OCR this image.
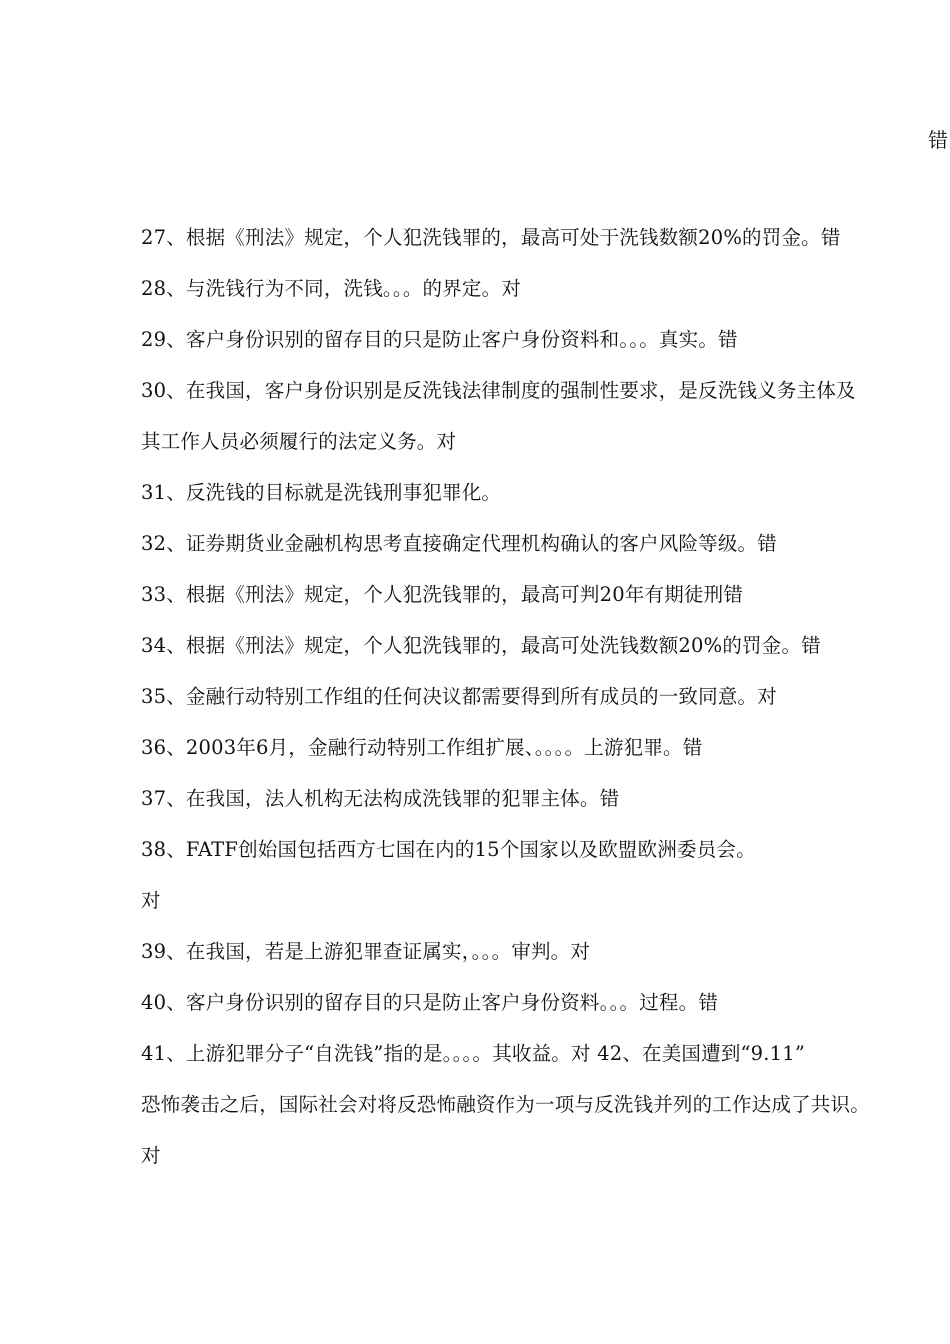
错
27、根据《刑法》规定，个人犯洗钱罪的，最高可处于洗钱数额20%的罚金。错
28、与洗钱行为不同，洗钱。。。的界定。对
29、客户身份识别的留存目的只是防止客户身份资料和。。。真实。错
30、在我国，客户身份识别是反洗钱法律制度的强制性要求，是反洗钱义务主体及
其工作人员必须履行的法定义务。对
31、反洗钱的目标就是洗钱刑事犯罪化。
32、证券期货业金融机构思考直接确定代理机构确认的客户风险等级。错
33、根据《刑法》规定，个人犯洗钱罪的，最高可判20年有期徒刑错
34、根据《刑法》规定，个人犯洗钱罪的，最高可处洗钱数额20%的罚金。错
35、金融行动特别工作组的任何决议都需要得到所有成员的一致同意。对
36、2003年6月，金融行动特别工作组扩展、。。。。上游犯罪。错
37、在我国，法人机构无法构成洗钱罪的犯罪主体。错
38、FATF创始国包括西方七国在内的15个国家以及欧盟欧洲委员会。
对
39、在我国，若是上游犯罪查证属实，。。。审判。对
40、客户身份识别的留存目的只是防止客户身份资料。。。过程。错
41、上游犯罪分子“自洗钱”指的是。。。。其收益。对 42、在美国遭到“9.11”
恐怖袭击之后，国际社会对将反恐怖融资作为一项与反洗钱并列的工作达成了共识。
对
